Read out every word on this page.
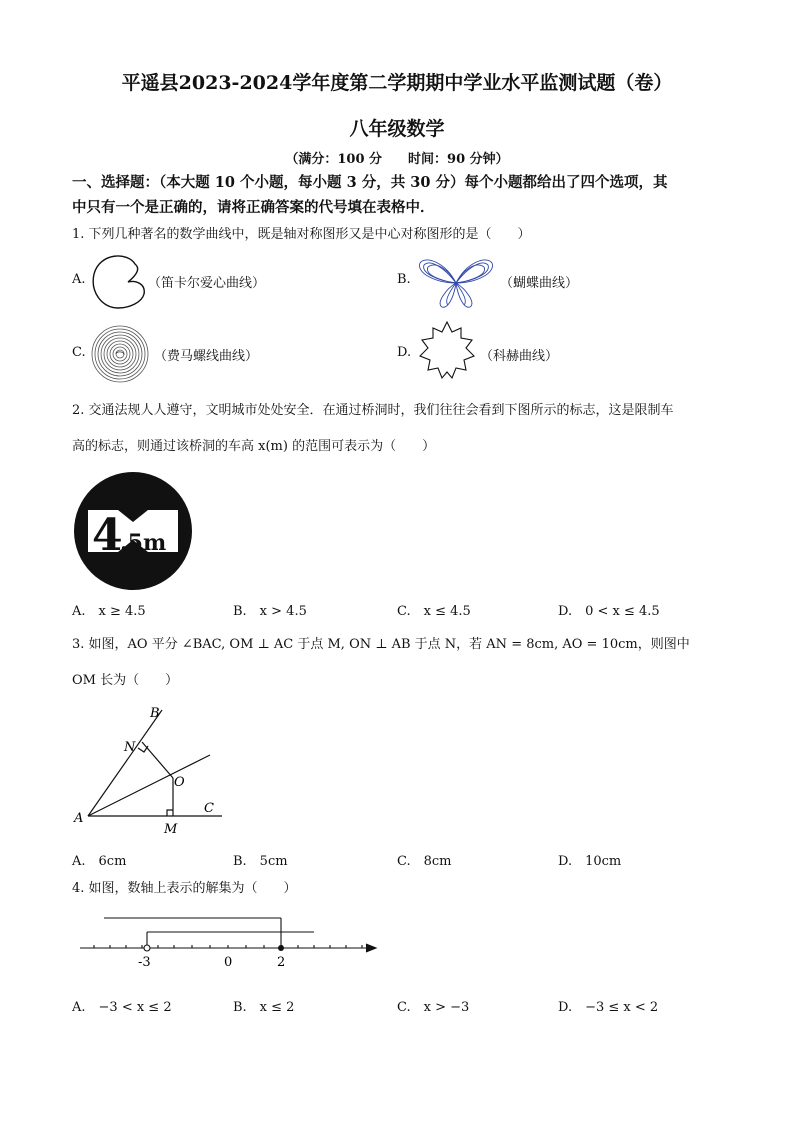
平遥县2023-2024学年度第二学期期中学业水平监测试题（卷）
八年级数学
（满分：100 分　　时间：90 分钟）
一、选择题：（本大题 10 个小题，每小题 3 分，共 30 分）每个小题都给出了四个选项，其
中只有一个是正确的，请将正确答案的代号填在表格中．
1. 下列几种著名的数学曲线中，既是轴对称图形又是中心对称图形的是（　　）
A.	（笛卡尔爱心曲线）	B.	（蝴蝶曲线）
C.	（费马螺线曲线）	D.	（科赫曲线）
2. 交通法规人人遵守，文明城市处处安全．在通过桥洞时，我们往往会看到下图所示的标志，这是限制车
高的标志，则通过该桥洞的车高 x(m) 的范围可表示为（　　）
4
.5m
A.　x ≥ 4.5	B.　x > 4.5	C.　x ≤ 4.5	D.　0 < x ≤ 4.5
3. 如图，AO 平分 ∠BAC, OM ⊥ AC 于点 M, ON ⊥ AB 于点 N，若 AN = 8cm, AO = 10cm，则图中
OM 长为（　　）
A
B
C
M
N
O
A.　6cm	B.　5cm	C.　8cm	D.　10cm
4. 如图，数轴上表示的解集为（　　）
-3	0	2
A.　−3 < x ≤ 2	B.　x ≤ 2	C.　x > −3	D.　−3 ≤ x < 2
